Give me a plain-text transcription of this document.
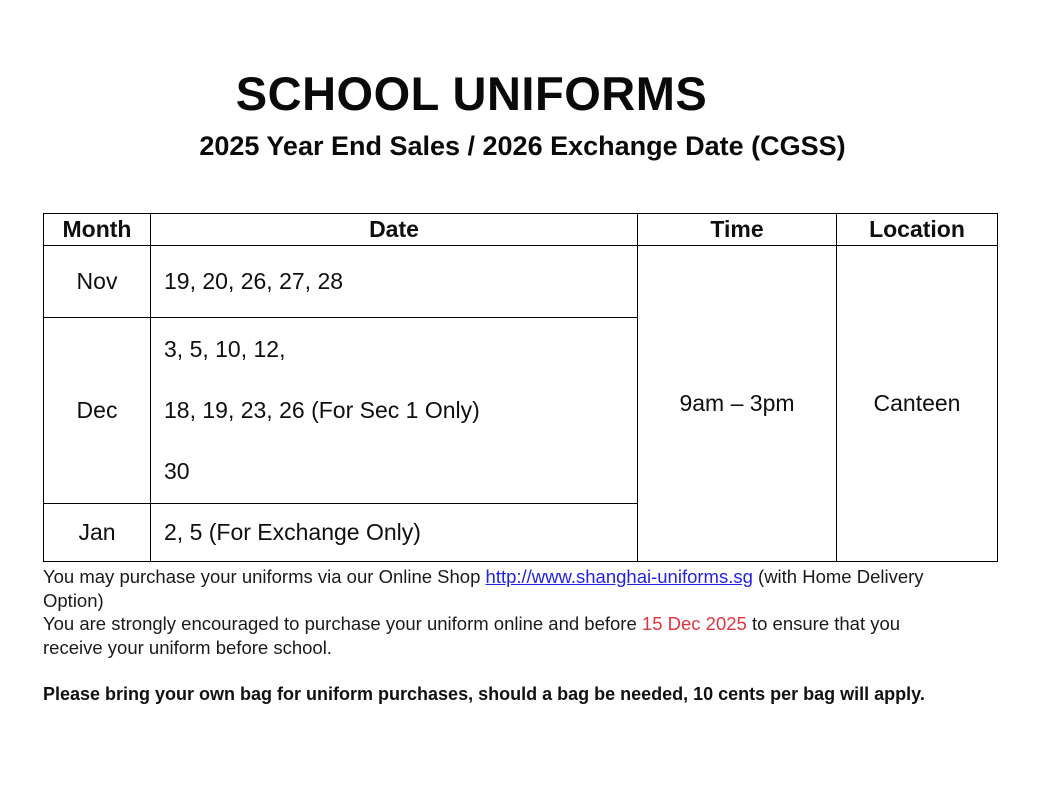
SCHOOL UNIFORMS
2025 Year End Sales / 2026 Exchange Date (CGSS)
Month	Date	Time	Location
Nov	19, 20, 26, 27, 28	9am – 3pm	Canteen
Dec	3, 5, 10, 12,
18, 19, 23, 26 (For Sec 1 Only)
30		

Jan	2, 5 (For Exchange Only)		
You may purchase your uniforms via our Online Shop http://www.shanghai-uniforms.sg (with Home Delivery Option)
You are strongly encouraged to purchase your uniform online and before 15 Dec 2025 to ensure that you receive your uniform before school.
Please bring your own bag for uniform purchases, should a bag be needed, 10 cents per bag will apply.
